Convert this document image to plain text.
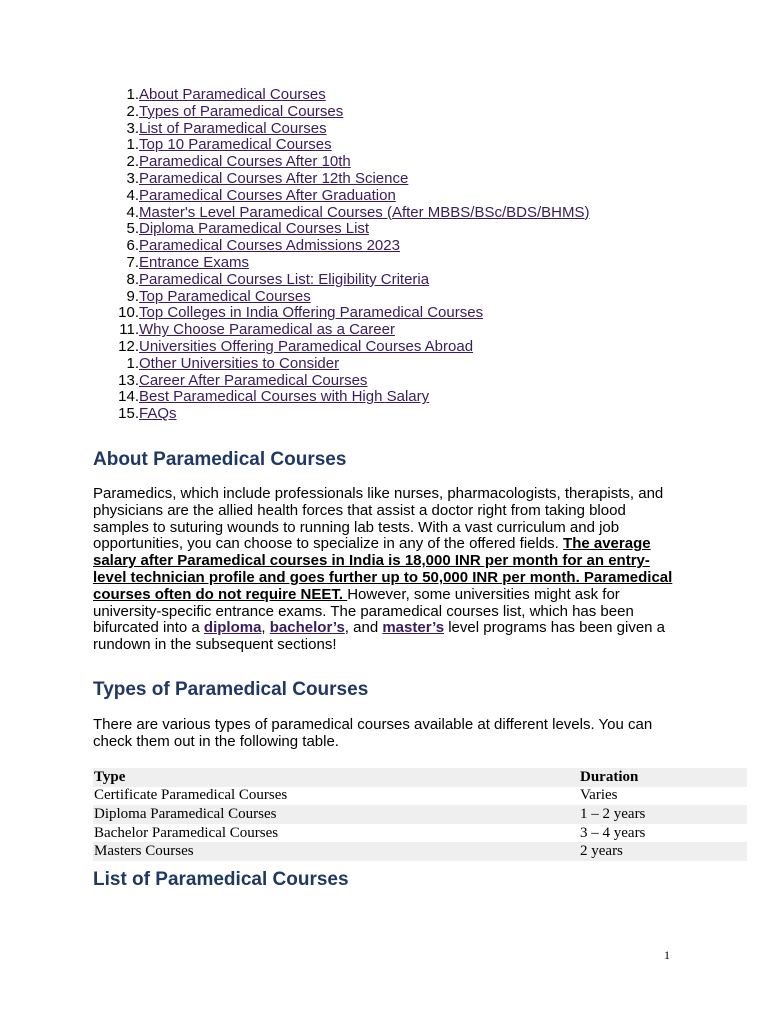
1. About Paramedical Courses
2. Types of Paramedical Courses
3. List of Paramedical Courses
1. Top 10 Paramedical Courses
2. Paramedical Courses After 10th
3. Paramedical Courses After 12th Science
4. Paramedical Courses After Graduation
4. Master's Level Paramedical Courses (After MBBS/BSc/BDS/BHMS)
5. Diploma Paramedical Courses List
6. Paramedical Courses Admissions 2023
7. Entrance Exams
8. Paramedical Courses List: Eligibility Criteria
9. Top Paramedical Courses
10. Top Colleges in India Offering Paramedical Courses
11. Why Choose Paramedical as a Career
12. Universities Offering Paramedical Courses Abroad
1. Other Universities to Consider
13. Career After Paramedical Courses
14. Best Paramedical Courses with High Salary
15. FAQs
About Paramedical Courses

Paramedics, which include professionals like nurses, pharmacologists, therapists, and physicians are the allied health forces that assist a doctor right from taking blood samples to suturing wounds to running lab tests. With a vast curriculum and job opportunities, you can choose to specialize in any of the offered fields. The average salary after Paramedical courses in India is 18,000 INR per month for an entry-level technician profile and goes further up to 50,000 INR per month. Paramedical courses often do not require NEET. However, some universities might ask for university-specific entrance exams. The paramedical courses list, which has been bifurcated into a diploma, bachelor’s, and master’s level programs has been given a rundown in the subsequent sections!

Types of Paramedical Courses

There are various types of paramedical courses available at different levels. You can check them out in the following table.

Type	Duration
Certificate Paramedical Courses	Varies
Diploma Paramedical Courses	1 – 2 years
Bachelor Paramedical Courses	3 – 4 years
Masters Courses	2 years
List of Paramedical Courses
1
